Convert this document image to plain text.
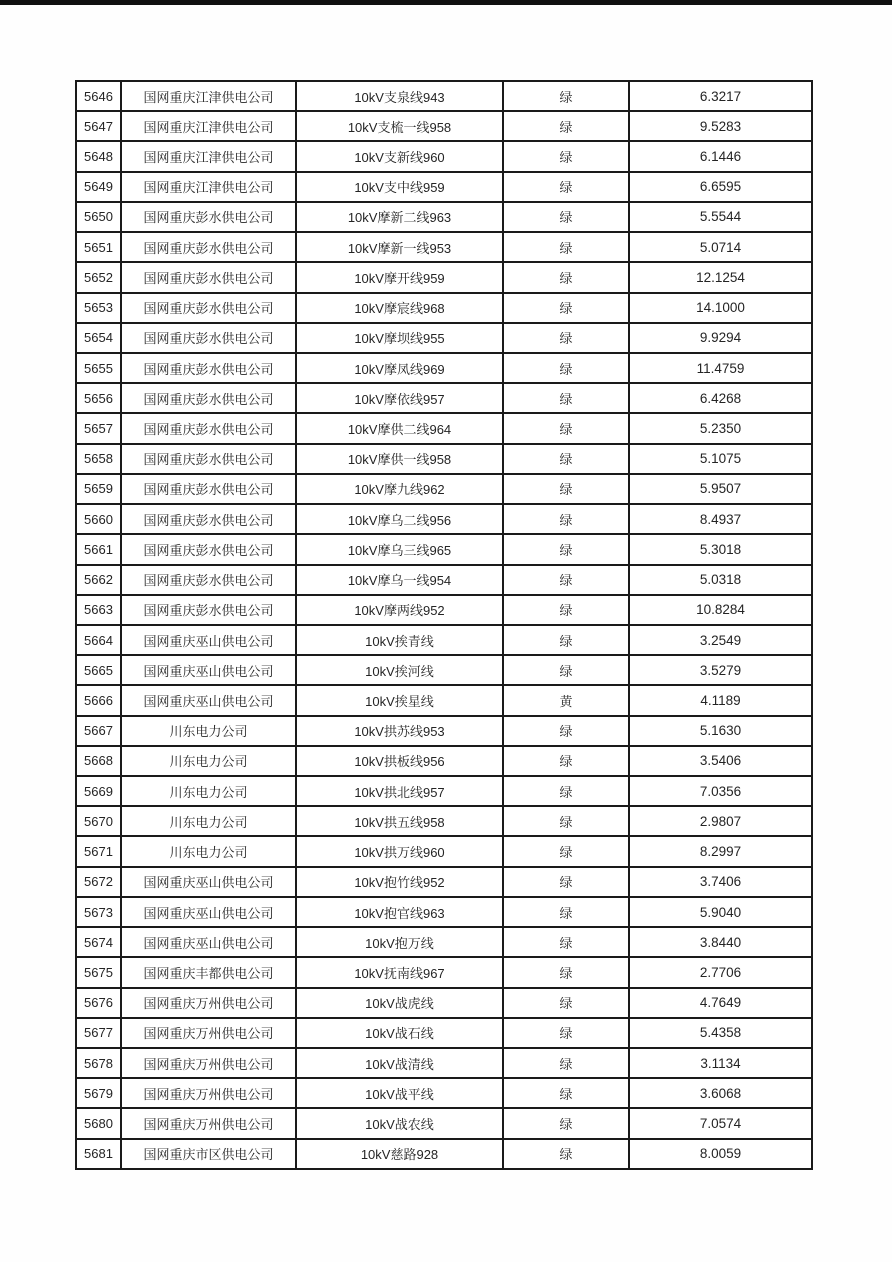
5646	国网重庆江津供电公司	10kV支泉线943	绿	6.3217
5647	国网重庆江津供电公司	10kV支梳一线958	绿	9.5283
5648	国网重庆江津供电公司	10kV支新线960	绿	6.1446
5649	国网重庆江津供电公司	10kV支中线959	绿	6.6595
5650	国网重庆彭水供电公司	10kV摩新二线963	绿	5.5544
5651	国网重庆彭水供电公司	10kV摩新一线953	绿	5.0714
5652	国网重庆彭水供电公司	10kV摩开线959	绿	12.1254
5653	国网重庆彭水供电公司	10kV摩宸线968	绿	14.1000
5654	国网重庆彭水供电公司	10kV摩坝线955	绿	9.9294
5655	国网重庆彭水供电公司	10kV摩凤线969	绿	11.4759
5656	国网重庆彭水供电公司	10kV摩依线957	绿	6.4268
5657	国网重庆彭水供电公司	10kV摩供二线964	绿	5.2350
5658	国网重庆彭水供电公司	10kV摩供一线958	绿	5.1075
5659	国网重庆彭水供电公司	10kV摩九线962	绿	5.9507
5660	国网重庆彭水供电公司	10kV摩乌二线956	绿	8.4937
5661	国网重庆彭水供电公司	10kV摩乌三线965	绿	5.3018
5662	国网重庆彭水供电公司	10kV摩乌一线954	绿	5.0318
5663	国网重庆彭水供电公司	10kV摩两线952	绿	10.8284
5664	国网重庆巫山供电公司	10kV挨青线	绿	3.2549
5665	国网重庆巫山供电公司	10kV挨河线	绿	3.5279
5666	国网重庆巫山供电公司	10kV挨星线	黄	4.1189
5667	川东电力公司	10kV拱苏线953	绿	5.1630
5668	川东电力公司	10kV拱板线956	绿	3.5406
5669	川东电力公司	10kV拱北线957	绿	7.0356
5670	川东电力公司	10kV拱五线958	绿	2.9807
5671	川东电力公司	10kV拱万线960	绿	8.2997
5672	国网重庆巫山供电公司	10kV抱竹线952	绿	3.7406
5673	国网重庆巫山供电公司	10kV抱官线963	绿	5.9040
5674	国网重庆巫山供电公司	10kV抱万线	绿	3.8440
5675	国网重庆丰都供电公司	10kV抚南线967	绿	2.7706
5676	国网重庆万州供电公司	10kV战虎线	绿	4.7649
5677	国网重庆万州供电公司	10kV战石线	绿	5.4358
5678	国网重庆万州供电公司	10kV战清线	绿	3.1134
5679	国网重庆万州供电公司	10kV战平线	绿	3.6068
5680	国网重庆万州供电公司	10kV战农线	绿	7.0574
5681	国网重庆市区供电公司	10kV慈路928	绿	8.0059
